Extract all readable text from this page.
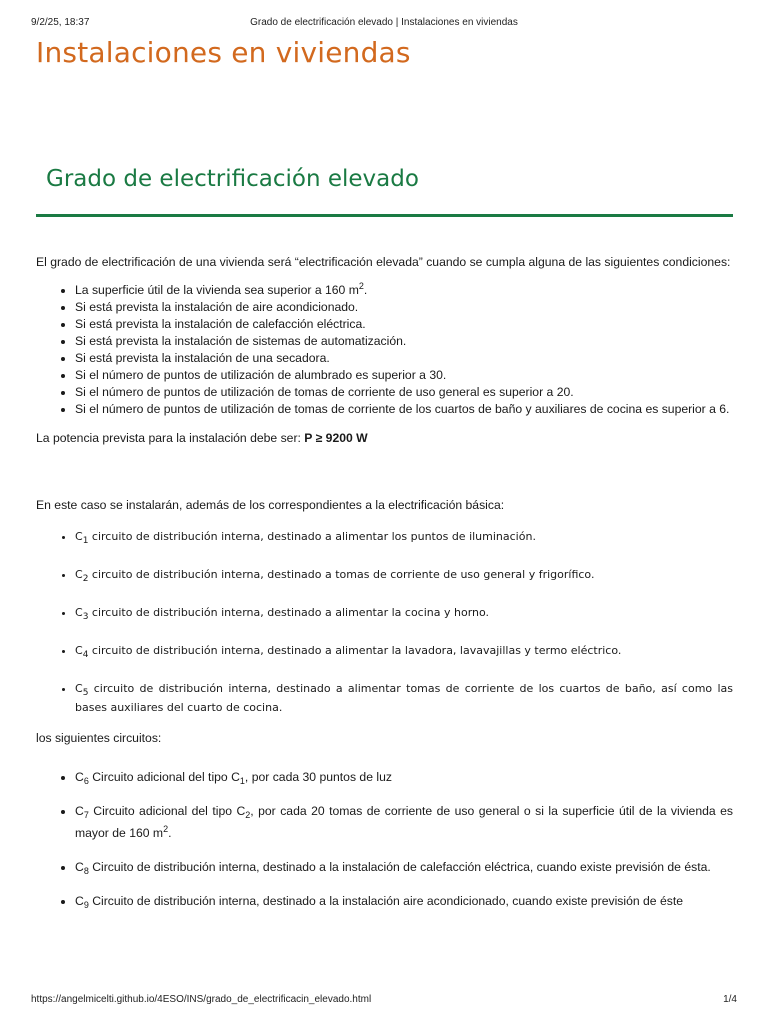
9/2/25, 18:37	Grado de electrificación elevado | Instalaciones en viviendas
Instalaciones en viviendas
Grado de electrificación elevado

El grado de electrificación de una vivienda será “electrificación elevada” cuando se cumpla alguna de las siguientes condiciones:

• La superficie útil de la vivienda sea superior a 160 $m^2$.
• Si está prevista la instalación de aire acondicionado.
• Si está prevista la instalación de calefacción eléctrica.
• Si está prevista la instalación de sistemas de automatización.
• Si está prevista la instalación de una secadora.
• Si el número de puntos de utilización de alumbrado es superior a 30.
• Si el número de puntos de utilización de tomas de corriente de uso general es superior a 20.
• Si el número de puntos de utilización de tomas de corriente de los cuartos de baño y auxiliares de cocina es superior a 6.

La potencia prevista para la instalación debe ser: P ≥ 9200 W

En este caso se instalarán, además de los correspondientes a la electrificación básica:

• $C_1$ circuito de distribución interna, destinado a alimentar los puntos de iluminación.
• $C_2$ circuito de distribución interna, destinado a tomas de corriente de uso general y frigorífico.
• $C_3$ circuito de distribución interna, destinado a alimentar la cocina y horno.
• $C_4$ circuito de distribución interna, destinado a alimentar la lavadora, lavavajillas y termo eléctrico.
• $C_5$ circuito de distribución interna, destinado a alimentar tomas de corriente de los cuartos de baño, así como las bases auxiliares del cuarto de cocina.

los siguientes circuitos:

• $C_6$ Circuito adicional del tipo $C_1$, por cada 30 puntos de luz
• $C_7$ Circuito adicional del tipo $C_2$, por cada 20 tomas de corriente de uso general o si la superficie útil de la vivienda es mayor de 160 $m^2$.
• $C_8$ Circuito de distribución interna, destinado a la instalación de calefacción eléctrica, cuando existe previsión de ésta.
• $C_9$ Circuito de distribución interna, destinado a la instalación aire acondicionado, cuando existe previsión de éste
https://angelmicelti.github.io/4ESO/INS/grado_de_electrificacin_elevado.html	1/4
